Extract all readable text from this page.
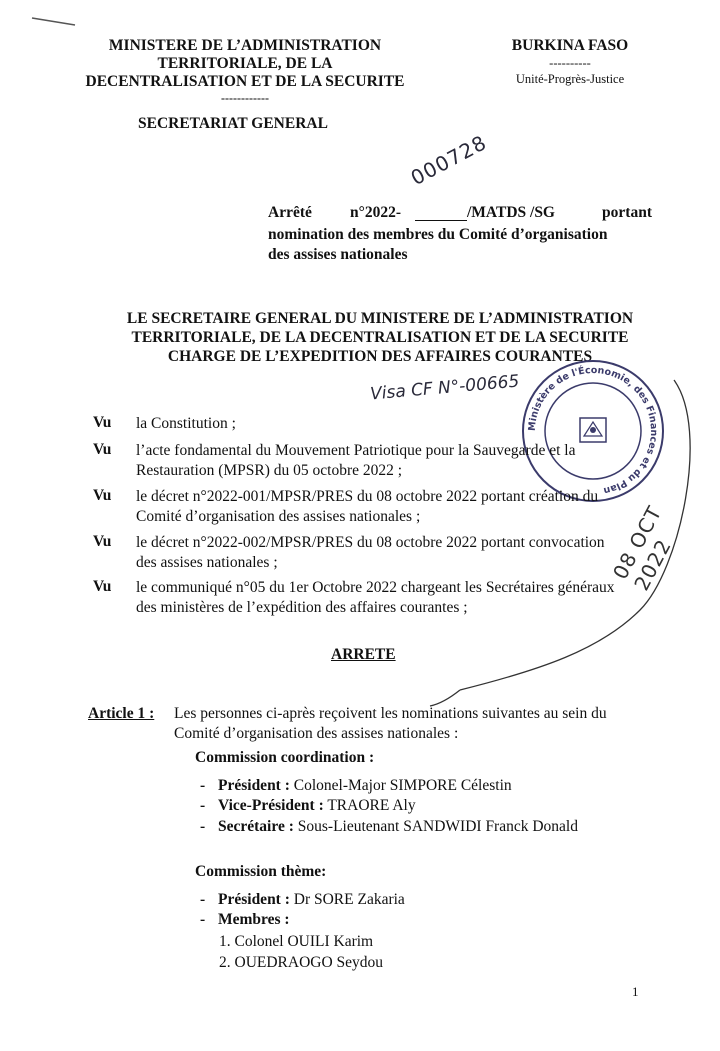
MINISTERE DE L’ADMINISTRATION
TERRITORIALE, DE LA
DECENTRALISATION ET DE LA SECURITE
------------
SECRETARIAT GENERAL
BURKINA FASO
----------
Unité-Progrès-Justice
000728
Arrêté n°2022-	/MATDS /SG	portant
nomination des membres du Comité d’organisation
des assises nationales
LE SECRETAIRE GENERAL DU MINISTERE DE L’ADMINISTRATION
TERRITORIALE, DE LA DECENTRALISATION ET DE LA SECURITE
CHARGE DE L’EXPEDITION DES AFFAIRES COURANTES
Visa CF N°-00665
Ministère de l'Économie, des Finances et du Plan
08 OCT 2022
Vu la Constitution ;
Vu l’acte fondamental du Mouvement Patriotique pour la Sauvegarde et la
Restauration (MPSR) du 05 octobre 2022 ;
Vu le décret n°2022-001/MPSR/PRES du 08 octobre 2022 portant création du
Comité d’organisation des assises nationales ;
Vu le décret n°2022-002/MPSR/PRES du 08 octobre 2022 portant convocation
des assises nationales ;
Vu le communiqué n°05 du 1er Octobre 2022 chargeant les Secrétaires généraux
des ministères de l’expédition des affaires courantes ;
ARRETE
Article 1 : Les personnes ci-après reçoivent les nominations suivantes au sein du
Comité d’organisation des assises nationales :
Commission coordination :
- Président : Colonel-Major SIMPORE Célestin
- Vice-Président : TRAORE Aly
- Secrétaire : Sous-Lieutenant SANDWIDI Franck Donald
Commission thème:
- Président : Dr SORE Zakaria
- Membres :
1. Colonel OUILI Karim
2. OUEDRAOGO Seydou
1
